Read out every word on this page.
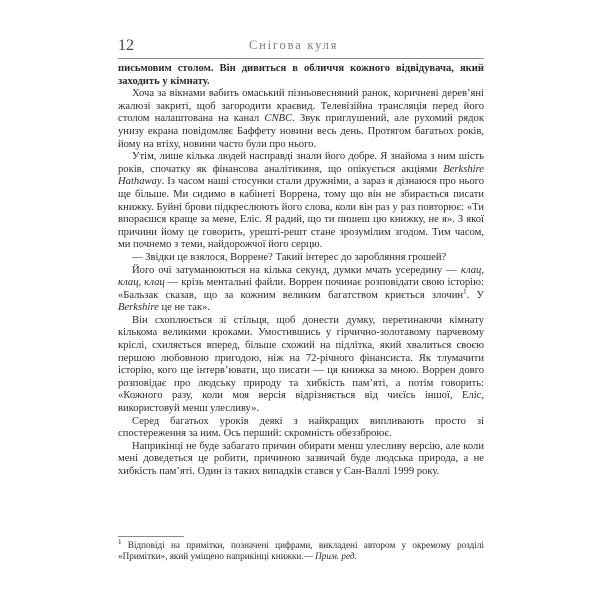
12	Снігова куля

письмовим столом. Він дивиться в обличчя кожного відвідувача, який заходить у кімнату.

Хоча за вікнами вабить омаський пізньовесняний ранок, коричневі дерев’яні жалюзі закриті, щоб загородити краєвид. Телевізійна трансляція перед його столом налаштована на канал CNBC. Звук приглушений, але рухомий рядок унизу екрана повідомляє Баффету новини весь день. Протягом багатьох років, йому на втіху, новини часто були про нього.

Утім, лише кілька людей насправді знали його добре. Я знайома з ним шість років, спочатку як фінансова аналітикиня, що опікується акціями Berkshire Hathaway. Із часом наші стосунки стали дружніми, а зараз я дізнаюся про нього ще більше. Ми сидимо в кабінеті Воррена, тому що він не збирається писати книжку. Буйні брови підкреслюють його слова, коли він раз у раз повторює: «Ти впораєшся краще за мене, Еліс. Я радий, що ти пишеш цю книжку, не я». З якої причини йому це говорить, урешті-решт стане зрозумілим згодом. Тим часом, ми почнемо з теми, найдорожчої його серцю.

— Звідки це взялося, Воррене? Такий інтерес до заробляння грошей?

Його очі затуманюються на кілька секунд, думки мчать усередину — клац, клац, клац — крізь ментальні файли. Воррен починає розповідати свою історію: «Бальзак сказав, що за кожним великим багатством криється злочин$^1$. У Berkshire це не так».

Він схоплюється зі стільця, щоб донести думку, перетинаючи кімнату кількома великими кроками. Умостившись у гірчично-золотавому парчевому кріслі, схиляється вперед, більше схожий на підлітка, який хвалиться своєю першою любовною пригодою, ніж на 72-річного фінансиста. Як тлумачити історію, кого ще інтерв’ювати, що писати — ця книжка за мною. Воррен довго розповідає про людську природу та хибкість пам’яті, а потім говорить: «Кожного разу, коли моя версія відрізняється від чиєїсь іншої, Еліс, використовуй менш улесливу».

Серед багатьох уроків деякі з найкращих випливають просто зі спостереження за ним. Ось перший: скромність обеззброює.

Наприкінці не буде забагато причин обирати менш улесливу версію, але коли мені доведеться це робити, причиною зазвичай буде людська природа, а не хибкість пам’яті. Один із таких випадків стався у Сан-Валлі 1999 року.

$^1$ Відповіді на примітки, позначені цифрами, викладені автором у окремому розділі «Примітки», який уміщено наприкінці книжки.— Прим. ред.
